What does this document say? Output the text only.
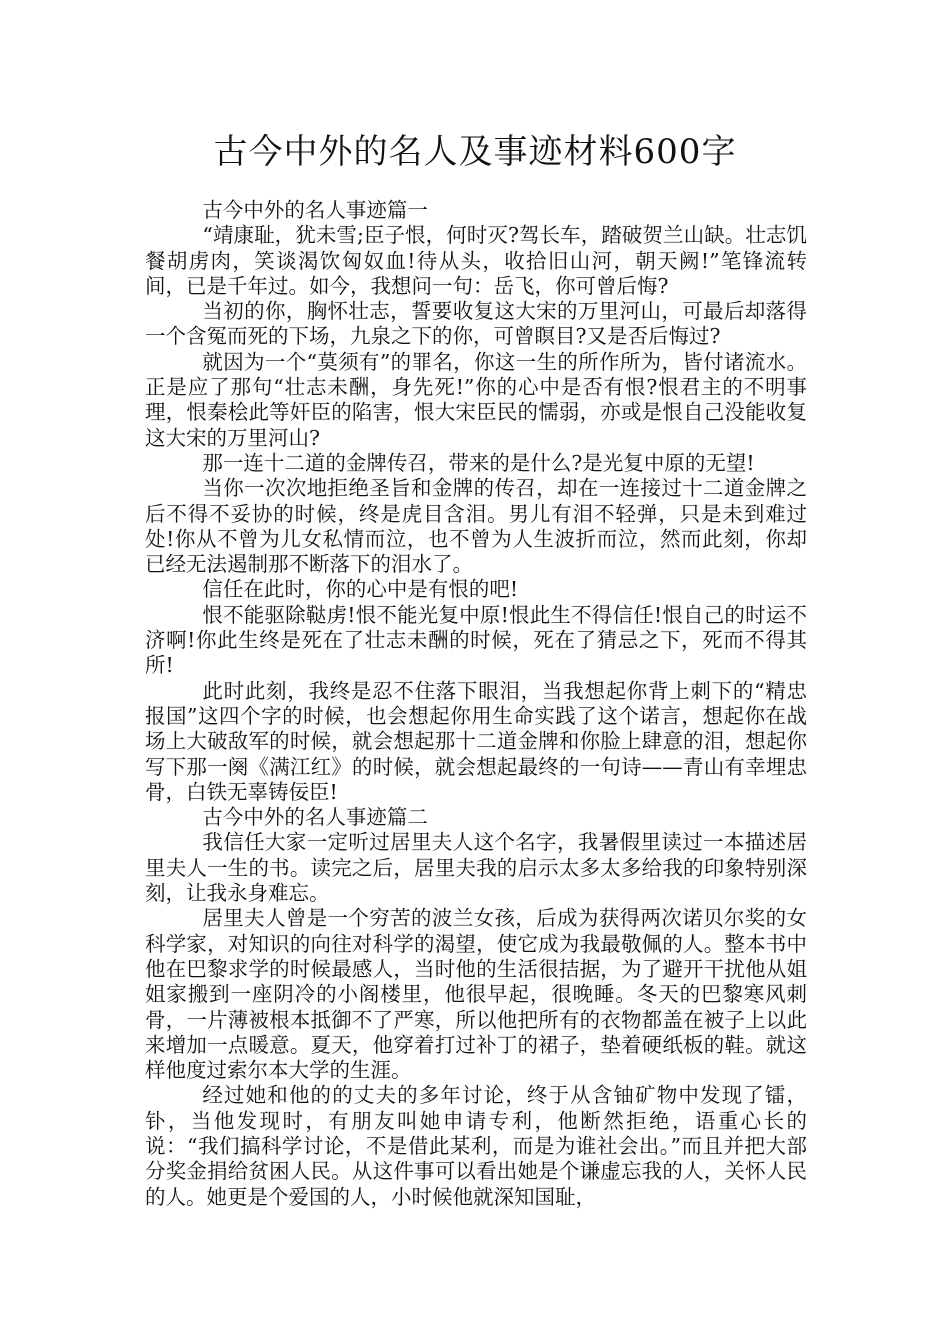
古今中外的名人及事迹材料600字

古今中外的名人事迹篇一

“靖康耻，犹未雪;臣子恨，何时灭?驾长车，踏破贺兰山缺。壮志饥餐胡虏肉，笑谈渴饮匈奴血!待从头，收拾旧山河，朝天阙!”笔锋流转间，已是千年过。如今，我想问一句：岳飞，你可曾后悔?

当初的你，胸怀壮志，誓要收复这大宋的万里河山，可最后却落得一个含冤而死的下场，九泉之下的你，可曾瞑目?又是否后悔过?

就因为一个“莫须有”的罪名，你这一生的所作所为，皆付诸流水。正是应了那句“壮志未酬，身先死!”你的心中是否有恨?恨君主的不明事理，恨秦桧此等奸臣的陷害，恨大宋臣民的懦弱，亦或是恨自己没能收复这大宋的万里河山?

那一连十二道的金牌传召，带来的是什么?是光复中原的无望!

当你一次次地拒绝圣旨和金牌的传召，却在一连接过十二道金牌之后不得不妥协的时候，终是虎目含泪。男儿有泪不轻弹，只是未到难过处!你从不曾为儿女私情而泣，也不曾为人生波折而泣，然而此刻，你却已经无法遏制那不断落下的泪水了。

信任在此时，你的心中是有恨的吧!

恨不能驱除鞑虏!恨不能光复中原!恨此生不得信任!恨自己的时运不济啊!你此生终是死在了壮志未酬的时候，死在了猜忌之下，死而不得其所!

此时此刻，我终是忍不住落下眼泪，当我想起你背上刺下的“精忠报国”这四个字的时候，也会想起你用生命实践了这个诺言，想起你在战场上大破敌军的时候，就会想起那十二道金牌和你脸上肆意的泪，想起你写下那一阕《满江红》的时候，就会想起最终的一句诗——青山有幸埋忠骨，白铁无辜铸佞臣!

古今中外的名人事迹篇二

我信任大家一定听过居里夫人这个名字，我暑假里读过一本描述居里夫人一生的书。读完之后，居里夫我的启示太多太多给我的印象特别深刻，让我永身难忘。

居里夫人曾是一个穷苦的波兰女孩，后成为获得两次诺贝尔奖的女科学家，对知识的向往对科学的渴望，使它成为我最敬佩的人。整本书中他在巴黎求学的时候最感人，当时他的生活很拮据，为了避开干扰他从姐姐家搬到一座阴冷的小阁楼里，他很早起，很晚睡。冬天的巴黎寒风刺骨，一片薄被根本抵御不了严寒，所以他把所有的衣物都盖在被子上以此来增加一点暖意。夏天，他穿着打过补丁的裙子，垫着硬纸板的鞋。就这样他度过索尔本大学的生涯。

经过她和他的的丈夫的多年讨论，终于从含铀矿物中发现了镭，钋，当他发现时，有朋友叫她申请专利，他断然拒绝，语重心长的说：“我们搞科学讨论，不是借此某利，而是为谁社会出。”而且并把大部分奖金捐给贫困人民。从这件事可以看出她是个谦虚忘我的人，关怀人民的人。她更是个爱国的人，小时候他就深知国耻，
